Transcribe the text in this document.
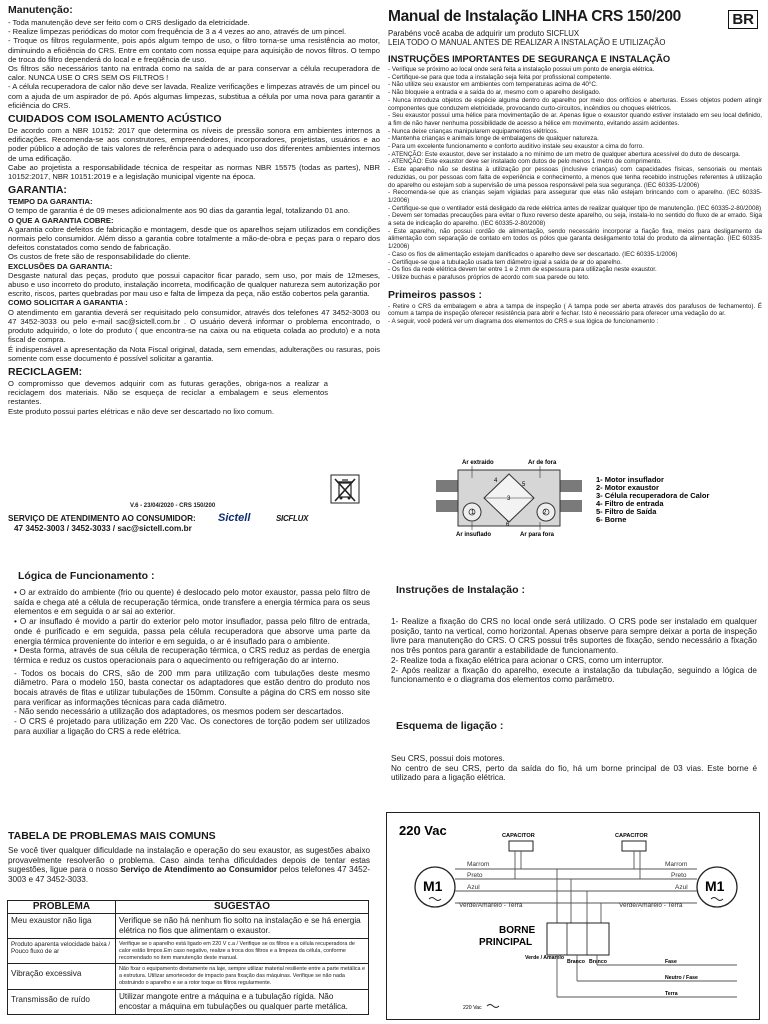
Manutenção:
- Toda manutenção deve ser feito com o CRS desligado da eletricidade.
- Realize limpezas periódicas do motor com frequência de 3 a 4 vezes ao ano, através de um pincel.
- Troque os filtros regularmente, pois após algum tempo de uso, o filtro torna-se uma resistência ao motor, diminuindo a eficiência do CRS. Entre em contato com nossa equipe para aquisição de novos filtros. O tempo de troca do filtro dependerá do local e e freqüência de uso.
Os filtros são necessários tanto na entrada como na saída de ar para conservar a célula recuperadora de calor. NUNCA USE O CRS SEM OS FILTROS !
- A célula recuperadora de calor não deve ser lavada. Realize verificações e limpezas através de um pincel ou com a ajuda de um aspirador de pó. Após algumas limpezas, substitua a célula por uma nova para garantir a eficiência do CRS.
CUIDADOS COM ISOLAMENTO ACÚSTICO
De acordo com a NBR 10152: 2017 que determina os níveis de pressão sonora em ambientes internos a edificações. Recomenda-se aos construtores, empreendedores, incorporadores, projetistas, usuários e ao poder público a adoção de tais valores de referência para o adequado uso dos diferentes ambientes internos de uma edificação.
Cabe ao projetista a responsabilidade técnica de respeitar as normas NBR 15575 (todas as partes), NBR 10152:2017, NBR 10151:2019 e a legislação municipal vigente na época.
GARANTIA:
TEMPO DA GARANTIA:
O tempo de garantia é de 09 meses adicionalmente aos 90 dias da garantia legal, totalizando 01 ano.
O QUE A GARANTIA COBRE:
A garantia cobre defeitos de fabricação e montagem, desde que os aparelhos sejam utilizados em condições normais pelo consumidor. Além disso a garantia cobre totalmente a mão-de-obra e peças para o reparo dos defeitos constatados como sendo de fabricação.
Os custos de frete são de responsabilidade do cliente.
EXCLUSÕES DA GARANTIA:
Desgaste natural das peças, produto que possui capacitor ficar parado, sem uso, por mais de 12meses, abuso e uso incorreto do produto, instalação incorreta, modificação de qualquer natureza sem autorização por escrito, riscos, partes quebradas por mau uso e falta de limpeza da peça, não estão cobertos pela garantia.
COMO SOLICITAR A GARANTIA :
O atendimento em garantia deverá ser requisitado pelo consumidor, através dos telefones 47 3452-3003 ou 47 3452-3033 ou pelo e-mail sac@sictell.com.br . O usuário deverá informar o problema encontrado, o produto adquirido, o lote do produto ( que encontra-se na caixa ou na etiqueta colada ao produto) e a nota fiscal de compra.
É indispensável a apresentação da Nota Fiscal original, datada, sem emendas, adulterações ou rasuras, pois somente com esse documento é possível solicitar a garantia.
RECICLAGEM:
O compromisso que devemos adquirir com as futuras gerações, obriga-nos a realizar a reciclagem dos materiais. Não se esqueça de reciclar a embalagem e seus elementos restantes.
Este produto possui partes elétricas e não deve ser descartado no lixo comum.
V.6 - 23/04/2020 - CRS 150/200
SERVIÇO DE ATENDIMENTO AO CONSUMIDOR:
47 3452-3003 / 3452-3033 / sac@sictell.com.br
Sictell	SICFLUX
Manual de Instalação LINHA CRS 150/200	BR
Parabéns você acaba de adquirir um produto SICFLUX
LEIA TODO O MANUAL ANTES DE REALIZAR A INSTALAÇÃO E UTILIZAÇÃO
INSTRUÇÕES IMPORTANTES DE SEGURANÇA E INSTALAÇÃO
- Verifique se próximo ao local onde será feita a instalação possui um ponto de energia elétrica.
- Certifique-se para que toda a instalação seja feita por profissional competente.
- Não utilize seu exaustor em ambientes com temperaturas acima de 40°C.
- Não bloqueie a entrada e a saída do ar, mesmo com o aparelho desligado.
- Nunca introduza objetos de espécie alguma dentro do aparelho por meio dos orifícios e aberturas. Esses objetos podem atingir componentes que conduzem eletricidade, provocando curto-circuitos, incêndios ou choques elétricos.
- Seu exaustor possui uma hélice para movimentação de ar. Apenas ligue o exaustor quando estiver instalado em seu local definido, a fim de não haver nenhuma possibilidade de acesso a hélice em movimento, evitando assim acidentes.
- Nunca deixe crianças manipularem equipamentos elétricos.
- Mantenha crianças e animais longe de embalagens de qualquer natureza.
- Para um excelente funcionamento e conforto auditivo instale seu exaustor a cima do forro.
- ATENÇÃO: Este exaustor, deve ser instalado a no mínimo de um metro de qualquer abertura acessível do duto de descarga.
- ATENÇÃO: Este exaustor deve ser instalado com dutos de pelo menos 1 metro de comprimento.
- Este aparelho não se destina à utilização por pessoas (inclusive crianças) com capacidades físicas, sensoriais ou mentais reduzidas, ou por pessoas com falta de experiência e conhecimento, a menos que tenha recebido instruções referentes à utilização do aparelho ou estejam sob a supervisão de uma pessoa responsável pela sua segurança. (IEC 60335-1/2006)
- Recomenda-se que as crianças sejam vigiadas para assegurar que elas não estejam brincando com o aparelho. (IEC 60335-1/2006)
- Certifique-se que o ventilador está desligado da rede elétrica antes de realizar qualquer tipo de manutenção. (IEC 60335-2-80/2008)
- Devem ser tomadas precauções para evitar o fluxo reverso deste aparelho, ou seja, instala-lo no sentido do fluxo de ar errado. Siga a seta de indicação do aparelho. (IEC 60335-2-80/2008)
- Este aparelho, não possui cordão de alimentação, sendo necessário incorporar a fiação fixa, meios para desligamento da alimentação com separação de contato em todos os pólos que garanta desligamento total do produto da alimentação. (IEC 60335-1/2006)
- Caso os fios de alimentação estejam danificados o aparelho deve ser descartado. (IEC 60335-1/2006)
- Certifique-se que a tubulação usada tem diâmetro igual a saída de ar do aparelho.
- Os fios da rede elétrica devem ter entre 1 e 2 mm de espessura para utilização neste exaustor.
- Utilize buchas e parafusos próprios de acordo com sua parede ou teto.
Primeiros passos :
- Retire o CRS da embalagem e abra a tampa de inspeção ( A tampa pode ser aberta através dos parafusos de fechamento). É comum a tampa de inspeção oferecer resistência para abrir e fechar. Isto é necessário para oferecer uma vedação do ar.
- A seguir, você poderá ver um diagrama dos elementos do CRS e sua lógica de funcionamento :
Ar extraido	Ar de fora
Ar insuflado	Ar para fora
1	2
3
4
5
6
1- Motor insuflador
2- Motor exaustor
3- Célula recuperadora de Calor
4- Filtro de entrada
5- Filtro de Saída
6- Borne
Lógica de Funcionamento :
• O ar extraído do ambiente (frio ou quente) é deslocado pelo motor exaustor, passa pelo filtro de saída e chega até a célula de recuperação térmica, onde transfere a energia térmica para os seus elementos e em seguida o ar sai ao exterior.
• O ar insuflado é movido a partir do exterior pelo motor insuflador, passa pelo filtro de entrada, onde é purificado e em seguida, passa pela célula recuperadora que absorve uma parte da energia térmica proveniente do interior e em seguida, o ar é insuflado para o ambiente.
• Desta forma, através de sua célula de recuperação térmica, o CRS reduz as perdas de energia térmica e reduz os custos operacionais para o aquecimento ou refrigeração do ar interno.
- Todos os bocais do CRS, são de 200 mm para utilização com tubulações deste mesmo diâmetro. Para o modelo 150, basta conectar os adaptadores que estão dentro do produto nos bocais através de fitas e utilizar tubulações de 150mm. Consulte a página do CRS em nosso site para verificar as informações técnicas para cada diâmetro.
- Não sendo necessário a utilização dos adaptadores, os mesmos podem ser descartados.
- O CRS é projetado para utilização em 220 Vac. Os conectores de torção podem ser utilizados para auxiliar a ligação do CRS a rede elétrica.
Instruções de Instalação :
1- Realize a fixação do CRS no local onde será utilizado. O CRS pode ser instalado em qualquer posição, tanto na vertical, como horizontal. Apenas observe para sempre deixar a porta de inspeção livre para manutenção do CRS. O CRS possui três suportes de fixação, sendo necessário a fixação nos três pontos para garantir a estabilidade de funcionamento.
2- Realize toda a fixação elétrica para acionar o CRS, como um interruptor.
2- Após realizar a fixação do aparelho, execute a instalação da tubulação, seguindo a lógica de funcionamento e o diagrama dos elementos como parâmetro.
Esquema de ligação :
Seu CRS, possui dois motores.
No centro de seu CRS, perto da saída do fio, há um borne principal de 03 vias. Este borne é utilizado para a ligação elétrica.
TABELA DE PROBLEMAS MAIS COMUNS
Se você tiver qualquer dificuldade na instalação e operação do seu exaustor, as sugestões abaixo provavelmente resolverão o problema. Caso ainda tenha dificuldades depois de tentar estas sugestões, ligue para o nosso Serviço de Atendimento ao Consumidor pelos telefones 47 3452-3003 e 47 3452-3033.
PROBLEMA	SUGESTÃO
Meu exaustor não liga	Verifique se não há nenhum fio solto na instalação e se há energia elétrica no fios que alimentam o exaustor.
Produto aparenta velocidade baixa / Pouco fluxo de ar	Verifique se o aparelho está ligado em 220 V c.a / Verifique se os filtros e a célula recuperadora de calor estão limpos.Em caso negativo, realize a troca dos filtros e a limpeza da célula, conforme recomendado no item manutenção deste manual.
Vibração excessiva	Não fixar o equipamento diretamente na laje, sempre utilizar material resiliente entre a parte metálica e a estrutura. Utilizar amortecedor de impacto para fixação das máquinas. Verifique se não nada obstruindo o aparelho e se a rotor toque os filtros regularmente.
Transmissão de ruído	Utilizar mangote entre a máquina e a tubulação rígida. Não encostar a máquina em tubulações ou qualquer parte metálica.
220 Vac	CAPACITOR	CAPACITOR
M1	M1
Marrom
Preto
Azul
Verde/Amarelo - Terra
Marrom
Preto
Azul
Verde/Amarelo - Terra
BORNE
PRINCIPAL
Verde / Amarelo
Branco Branco
220 Vac
Fase
Neutro / Fase
Terra
